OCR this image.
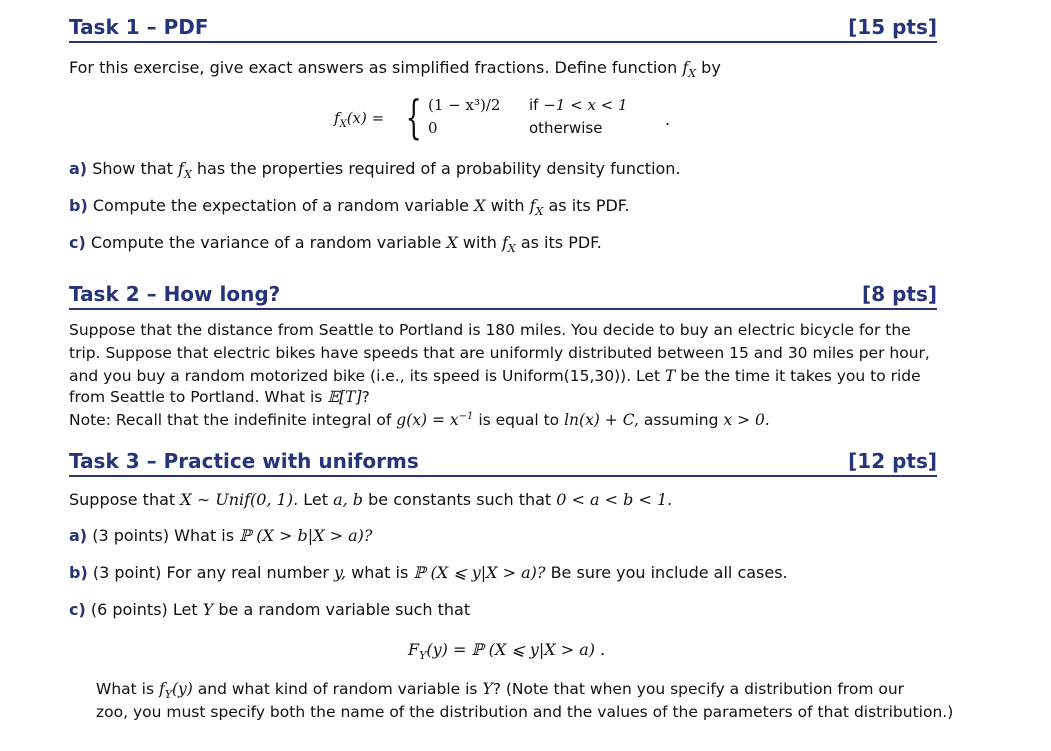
Task 1 – PDF	[15 pts]
For this exercise, give exact answers as simplified fractions. Define function $f_X$ by
$f_X(x)$ = { (1 − x³)/2 if −1 < x < 1
0	otherwise	.
a) Show that $f_X$ has the properties required of a probability density function.
b) Compute the expectation of a random variable X with $f_X$ as its PDF.
c) Compute the variance of a random variable X with $f_X$ as its PDF.
Task 2 – How long?	[8 pts]
Suppose that the distance from Seattle to Portland is 180 miles. You decide to buy an electric bicycle for the
trip. Suppose that electric bikes have speeds that are uniformly distributed between 15 and 30 miles per hour,
and you buy a random motorized bike (i.e., its speed is Uniform(15,30)). Let T be the time it takes you to ride
from Seattle to Portland. What is 𝔼[T]?
Note: Recall that the indefinite integral of $g(x) = x^{-1}$ is equal to ln(x) + C, assuming x > 0.
Task 3 – Practice with uniforms	[12 pts]
Suppose that X ∼ Unif(0, 1). Let a, b be constants such that 0 < a < b < 1.
a) (3 points) What is ℙ (X > b|X > a)?
b) (3 point) For any real number y, what is ℙ (X ⩽ y|X > a)? Be sure you include all cases.
c) (6 points) Let Y be a random variable such that
$F_Y(y)$ = ℙ (X ⩽ y|X > a) .
What is $f_Y(y)$ and what kind of random variable is Y? (Note that when you specify a distribution from our
zoo, you must specify both the name of the distribution and the values of the parameters of that distribution.)
